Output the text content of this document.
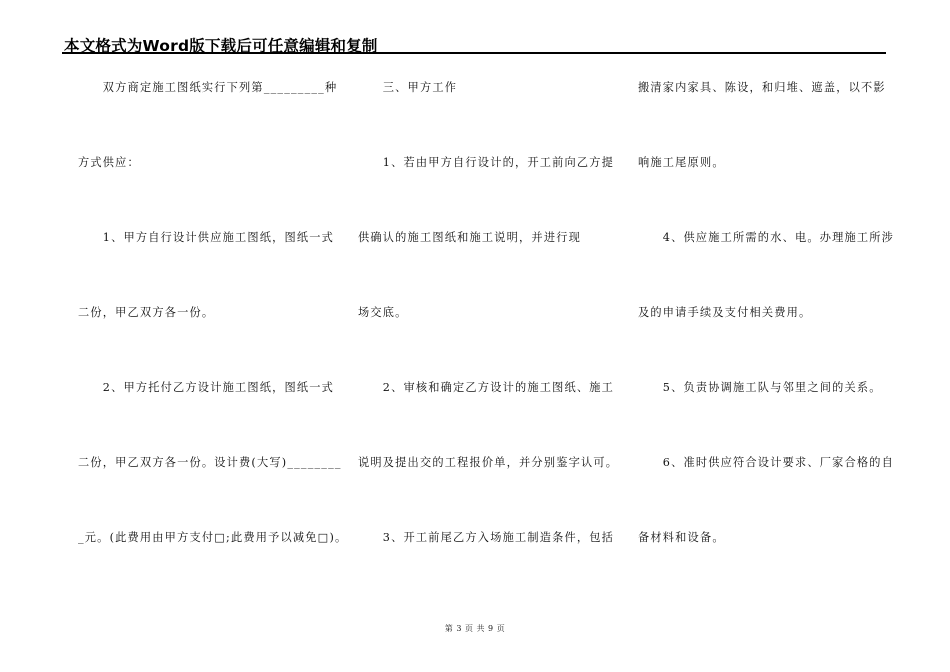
本文格式为Word版下载后可任意编辑和复制
　　双方商定施工图纸实行下列第_________种
方式供应：
　　1、甲方自行设计供应施工图纸，图纸一式
二份，甲乙双方各一份。
　　2、甲方托付乙方设计施工图纸，图纸一式
二份，甲乙双方各一份。设计费(大写)________
_元。(此费用由甲方支付□;此费用予以减免□)。
　　三、甲方工作
　　1、若由甲方自行设计的，开工前向乙方提
供确认的施工图纸和施工说明，并进行现
场交底。
　　2、审核和确定乙方设计的施工图纸、施工
说明及提出交的工程报价单，并分别鉴字认可。
　　3、开工前尾乙方入场施工制造条件，包括
搬清家内家具、陈设，和归堆、遮盖，以不影
响施工尾原则。
　　4、供应施工所需的水、电。办理施工所涉
及的申请手续及支付相关费用。
　　5、负责协调施工队与邻里之间的关系。
　　6、准时供应符合设计要求、厂家合格的自
备材料和设备。
第 3 页 共 9 页
